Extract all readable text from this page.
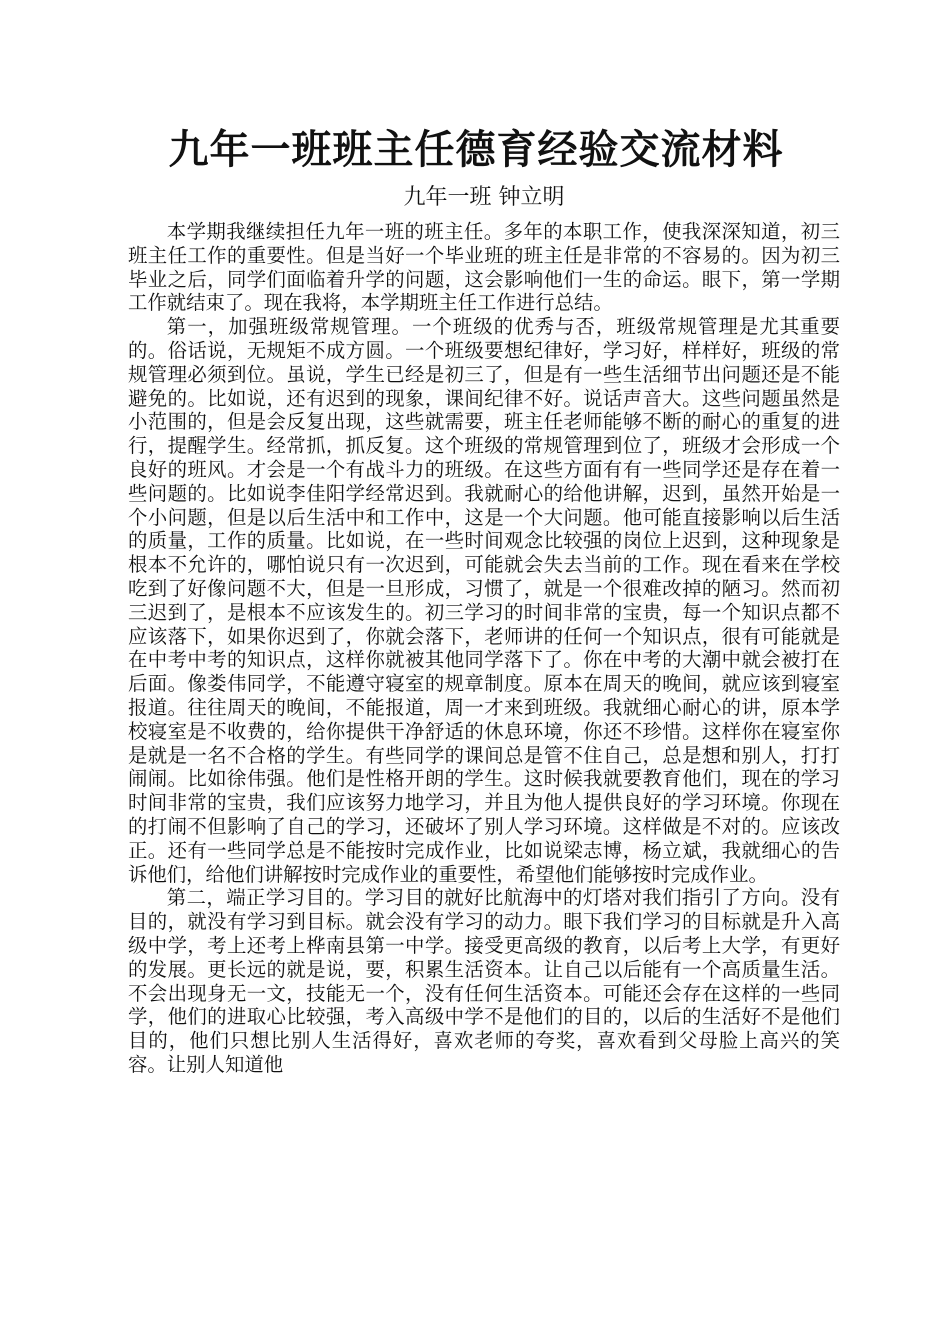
九年一班班主任德育经验交流材料
九年一班 钟立明

本学期我继续担任九年一班的班主任。多年的本职工作，使我深深知道，初三班主任工作的重要性。但是当好一个毕业班的班主任是非常的不容易的。因为初三毕业之后，同学们面临着升学的问题，这会影响他们一生的命运。眼下，第一学期工作就结束了。现在我将，本学期班主任工作进行总结。

第一，加强班级常规管理。一个班级的优秀与否，班级常规管理是尤其重要的。俗话说，无规矩不成方圆。一个班级要想纪律好，学习好，样样好，班级的常规管理必须到位。虽说，学生已经是初三了，但是有一些生活细节出问题还是不能避免的。比如说，还有迟到的现象，课间纪律不好。说话声音大。这些问题虽然是小范围的，但是会反复出现，这些就需要，班主任老师能够不断的耐心的重复的进行，提醒学生。经常抓，抓反复。这个班级的常规管理到位了，班级才会形成一个良好的班风。才会是一个有战斗力的班级。在这些方面有有一些同学还是存在着一些问题的。比如说李佳阳学经常迟到。我就耐心的给他讲解，迟到，虽然开始是一个小问题，但是以后生活中和工作中，这是一个大问题。他可能直接影响以后生活的质量，工作的质量。比如说，在一些时间观念比较强的岗位上迟到，这种现象是根本不允许的，哪怕说只有一次迟到，可能就会失去当前的工作。现在看来在学校吃到了好像问题不大，但是一旦形成，习惯了，就是一个很难改掉的陋习。然而初三迟到了，是根本不应该发生的。初三学习的时间非常的宝贵，每一个知识点都不应该落下，如果你迟到了，你就会落下，老师讲的任何一个知识点，很有可能就是在中考中考的知识点，这样你就被其他同学落下了。你在中考的大潮中就会被打在后面。像娄伟同学，不能遵守寝室的规章制度。原本在周天的晚间，就应该到寝室报道。往往周天的晚间，不能报道，周一才来到班级。我就细心耐心的讲，原本学校寝室是不收费的，给你提供干净舒适的休息环境，你还不珍惜。这样你在寝室你是就是一名不合格的学生。有些同学的课间总是管不住自己，总是想和别人，打打闹闹。比如徐伟强。他们是性格开朗的学生。这时候我就要教育他们，现在的学习时间非常的宝贵，我们应该努力地学习，并且为他人提供良好的学习环境。你现在的打闹不但影响了自己的学习，还破坏了别人学习环境。这样做是不对的。应该改正。还有一些同学总是不能按时完成作业，比如说梁志博，杨立斌，我就细心的告诉他们，给他们讲解按时完成作业的重要性，希望他们能够按时完成作业。

第二，端正学习目的。学习目的就好比航海中的灯塔对我们指引了方向。没有目的，就没有学习到目标。就会没有学习的动力。眼下我们学习的目标就是升入高级中学，考上还考上桦南县第一中学。接受更高级的教育，以后考上大学，有更好的发展。更长远的就是说，要，积累生活资本。让自己以后能有一个高质量生活。不会出现身无一文，技能无一个，没有任何生活资本。可能还会存在这样的一些同学，他们的进取心比较强，考入高级中学不是他们的目的，以后的生活好不是他们目的，他们只想比别人生活得好，喜欢老师的夸奖，喜欢看到父母脸上高兴的笑容。让别人知道他
